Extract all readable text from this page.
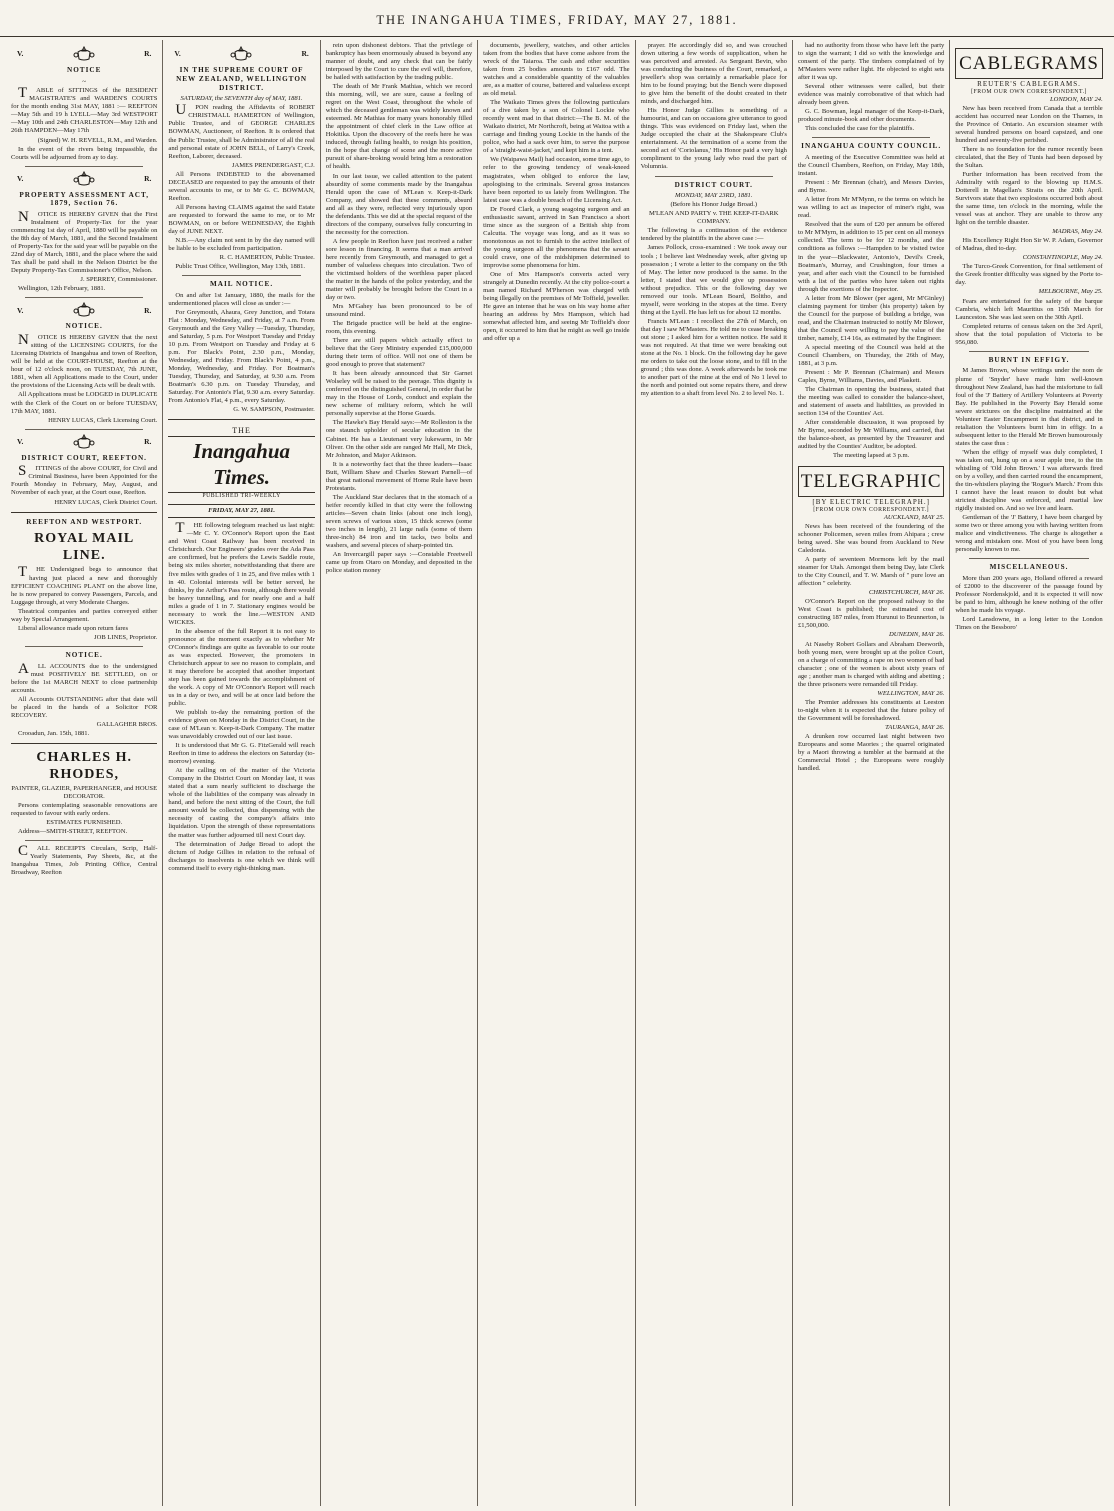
THE INANGAHUA TIMES, FRIDAY, MAY 27, 1881.
V.	R.
NOTICE
~

TABLE of SITTINGS of the RESIDENT MAGISTRATE'S and WARDEN'S COURTS for the month ending 31st MAY, 1881 :— REEFTON—May 5th and 19 h LYELL—May 3rd WESTPORT—May 10th and 24th CHARLESTON—May 12th and 26th HAMPDEN—May 17th

(Signed) W. H. REVELL, R.M., and Warden.

In the event of the rivers being impassible, the Courts will be adjourned from ay to day.

V.	R.
PROPERTY ASSESSMENT ACT, 1879, Section 76.

NOTICE IS HEREBY GIVEN that the First Instalment of Property-Tax for the year commencing 1st day of April, 1880 will be payable on the 8th day of March, 1881, and the Second Instalment of Property-Tax for the said year will be payable on the 22nd day of March, 1881, and the place where the said Tax shall be paid shall in the Nelson District be the Deputy Property-Tax Commissioner's Office, Nelson.

J. SPERREY, Commissioner.

Wellington, 12th February, 1881.

V.	R.
NOTICE.

NOTICE IS HEREBY GIVEN that the next sitting of the LICENSING COURTS, for the Licensing Districts of Inangahua and town of Reefton, will be held at the COURT-HOUSE, Reefton at the hour of 12 o'clock noon, on TUESDAY, 7th JUNE, 1881, when all Applications made to the Court, under the provisions of the Licensing Acts will be dealt with.

All Applications must be LODGED in DUPLICATE with the Clerk of the Court on or before TUESDAY, 17th MAY, 1881.

HENRY LUCAS, Clerk Licensing Court.

V.	R.
DISTRICT COURT, REEFTON.

SITTINGS of the above COURT, for Civil and Criminal Business, have been Appointed for the Fourth Monday in February, May, August, and November of each year, at the Court ouse, Reefton.

HENRY LUCAS, Clerk District Court.

REEFTON AND WESTPORT.
ROYAL MAIL LINE.

THE Undersigned begs to announce that having just placed a new and thoroughly EFFICIENT COACHING PLANT on the above line, he is now prepared to convey Passengers, Parcels, and Luggage through, at very Moderate Charges.

Theatrical companies and parties conveyed either way by Special Arrangement.

Liberal allowance made upon return fares

JOB LINES, Proprietor.

NOTICE.

ALL ACCOUNTS due to the undersigned must POSITIVELY BE SETTLED, on or before the 1st MARCH NEXT to close partnership accounts.

All Accounts OUTSTANDING after that date will be placed in the hands of a Solicitor FOR RECOVERY.

GALLAGHER BROS.

Crooadun, Jan. 15th, 1881.

CHARLES H. RHODES,

PAINTER, GLAZIER, PAPERHANGER, and HOUSE DECORATOR.

Persons contemplating seasonable renovations are requested to favour with early orders.

ESTIMATES FURNISHED.

Address—SMITH-STREET, REEFTON.

CALL RECEIPTS Circulars, Scrip, Half-Yearly Statements, Pay Sheets, &c, at the Inangahua Times, Job Printing Office, Central Broadway, Reefton

V.	R.
IN THE SUPREME COURT OF NEW ZEALAND, WELLINGTON DISTRICT.

SATURDAY, the SEVENTH day of MAY, 1881.

UPON reading the Affidavits of ROBERT CHRISTMALL HAMERTON of Wellington, Public Trustee, and of GEORGE CHARLES BOWMAN, Auctioneer, of Reefton. It is ordered that the Public Trustee, shall be Administrator of all the real and personal estate of JOHN BELL, of Larry's Creek, Reefton, Laborer, deceased.

JAMES PRENDERGAST, C.J.

All Persons INDEBTED to the abovenamed DECEASED are requested to pay the amounts of their several accounts to me, or to Mr G. C. BOWMAN, Reefton.

All Persons having CLAIMS against the said Estate are requested to forward the same to me, or to Mr BOWMAN, on or before WEDNESDAY, the Eighth day of JUNE NEXT.

N.B.—Any claim not sent in by the day named will be liable to be excluded from participation.

R. C. HAMERTON, Public Trustee.

Public Trust Office, Wellington, May 13th, 1881.

MAIL NOTICE.

On and after 1st January, 1880, the mails for the undermentioned places will close as under :—

For Greymouth, Ahaura, Grey Junction, and Totara Flat : Monday, Wednesday, and Friday, at 7 a.m. From Greymouth and the Grey Valley —Tuesday, Thursday, and Saturday, 5 p.m. For Westport Tuesday and Friday 10 p.m. From Westport on Tuesday and Friday at 6 p.m. For Black's Point, 2.30 p.m., Monday, Wednesday, and Friday. From Black's Point, 4 p.m., Monday, Wednesday, and Friday. For Boatman's Tuesday, Thursday, and Saturday, at 9.30 a.m. From Boatman's 6.30 p.m. on Tuesday Thursday, and Saturday. For Antonio's Flat, 9.30 a.m. every Saturday. From Antonio's Flat, 4 p.m., every Saturday.

G. W. SAMPSON, Postmaster.

THE
Inangahua Times.
PUBLISHED TRI-WEEKLY
FRIDAY, MAY 27, 1881.

THE following telegram reached us last night:—Mr C. Y. O'Connor's Report upon the East and West Coast Railway has been received in Christchurch. Our Engineers' grades over the Ada Pass are confirmed, but he prefers the Lewis Saddle route, being six miles shorter, notwithstanding that there are five miles with grades of 1 in 25, and five miles with 1 in 40. Colonial interests will be better served, he thinks, by the Arthur's Pass route, although there would be heavy tunnelling, and for nearly one and a half miles a grade of 1 in 7. Stationary engines would be necessary to work the line.—WESTON AND WICKES.

In the absence of the full Report it is not easy to pronounce at the moment exactly as to whether Mr O'Connor's findings are quite as favorable to our route as was expected. However, the promoters in Christchurch appear to see no reason to complain, and it may therefore be accepted that another important step has been gained towards the accomplishment of the work. A copy of Mr O'Connor's Report will reach us in a day or two, and will be at once laid before the public.

We publish to-day the remaining portion of the evidence given on Monday in the District Court, in the case of M'Lean v. Keep-it-Dark Company. The matter was unavoidably crowded out of our last issue.

It is understood that Mr G. G. FitzGerald will reach Reefton in time to address the electors on Saturday (to-morrow) evening.

At the calling on of the matter of the Victoria Company in the District Court on Monday last, it was stated that a sum nearly sufficient to discharge the whole of the liabilities of the company was already in hand, and before the next sitting of the Court, the full amount would be collected, thus dispensing with the necessity of casting the company's affairs into liquidation. Upon the strength of these representations the matter was further adjourned till next Court day.

The determination of Judge Broad to adopt the dictum of Judge Gillies in relation to the refusal of discharges to insolvents is one which we think will commend itself to every right-thinking man.

rein upon dishonest debtors. That the privilege of bankruptcy has been enormously abused is beyond any manner of doubt, and any check that can be fairly interposed by the Court to cure the evil will, therefore, be hailed with satisfaction by the trading public.

The death of Mr Frank Mathias, which we record this morning, will, we are sure, cause a feeling of regret on the West Coast, throughout the whole of which the deceased gentleman was widely known and esteemed. Mr Mathias for many years honorably filled the appointment of chief clerk in the Law office at Hokitika. Upon the discovery of the reefs here he was induced, through failing health, to resign his position, in the hope that change of scene and the more active pursuit of share-broking would bring him a restoration of health.

In our last issue, we called attention to the patent absurdity of some comments made by the Inangahua Herald upon the case of M'Lean v. Keep-it-Dark Company, and showed that these comments, absurd and all as they were, reflected very injuriously upon the defendants. This we did at the special request of the directors of the company, ourselves fully concurring in the necessity for the correction.

A few people in Reefton have just received a rather sore lesson in financing. It seems that a man arrived here recently from Greymouth, and managed to get a number of valueless cheques into circulation. Two of the victimised holders of the worthless paper placed the matter in the hands of the police yesterday, and the matter will probably be brought before the Court in a day or two.

Mrs M'Gahey has been pronounced to be of unsound mind.

The Brigade practice will be held at the engine-room, this evening.

There are still papers which actually effect to believe that the Grey Ministry expended £15,000,000 during their term of office. Will not one of them be good enough to prove that statement?

It has been already announced that Sir Garnet Wolseley will be raised to the peerage. This dignity is conferred on the distinguished General, in order that he may in the House of Lords, conduct and explain the new scheme of military reform, which he will personally supervise at the Horse Guards.

The Hawke's Bay Herald says:—Mr Rolleston is the one staunch upholder of secular education in the Cabinet. He has a Lieutenant very lukewarm, in Mr Oliver. On the other side are ranged Mr Hall, Mr Dick, Mr Johnston, and Major Atkinson.

It is a noteworthy fact that the three leaders—Isaac Butt, William Shaw and Charles Stewart Parnell—of that great national movement of Home Rule have been Protestants.

The Auckland Star declares that in the stomach of a heifer recently killed in that city were the following articles—Seven chain links (about one inch long), seven screws of various sizes, 15 thick screws (some two inches in length), 21 large nails (some of them three-inch) 84 iron and tin tacks, two bolts and washers, and several pieces of sharp-pointed tin.

An Invercargill paper says :—Constable Freetwell came up from Otaro on Monday, and deposited in the police station money

documents, jewellery, watches, and other articles taken from the bodies that have come ashore from the wreck of the Taiaroa. The cash and other securities taken from 25 bodies amounts to £167 odd. The watches and a considerable quantity of the valuables are, as a matter of course, battered and valueless except as old metal.

The Waikato Times gives the following particulars of a dive taken by a son of Colonel Lockie who recently went mad in that district:—The B. M. of the Waikato district, Mr Northcroft, being at Waitoa with a carriage and finding young Lockie in the hands of the police, who had a sack over him, to serve the purpose of a 'straight-waist-jacket,' and kept him in a tent.

We (Waipawa Mail) had occasion, some time ago, to refer to the growing tendency of weak-kneed magistrates, when obliged to enforce the law, apologising to the criminals. Several gross instances have been reported to us lately from Wellington. The latest case was a double breach of the Licensing Act.

Dr Foord Clark, a young seagoing surgeon and an enthusiastic savant, arrived in San Francisco a short time since as the surgeon of a British ship from Calcutta. The voyage was long, and as it was so monotonous as not to furnish to the active intellect of the young surgeon all the phenomena that the savant could crave, one of the midshipmen determined to improvise some phenomena for him.

One of Mrs Hampson's converts acted very strangely at Dunedin recently. At the city police-court a man named Richard M'Pherson was charged with being illegally on the premises of Mr Toffield, jeweller. He gave an intense that he was on his way home after hearing an address by Mrs Hampson, which had somewhat affected him, and seeing Mr Toffield's door open, it occurred to him that he might as well go inside and offer up a

prayer. He accordingly did so, and was crouched down uttering a few words of supplication, when he was perceived and arrested. As Sergeant Bevin, who was conducting the business of the Court, remarked, a jeweller's shop was certainly a remarkable place for him to be found praying; but the Bench were disposed to give him the benefit of the doubt created in their minds, and discharged him.

His Honor Judge Gillies is something of a humourist, and can on occasions give utterance to good things. This was evidenced on Friday last, when the Judge occupied the chair at the Shakespeare Club's entertainment. At the termination of a scene from the second act of 'Coriolanus,' His Honor paid a very high compliment to the young lady who read the part of Volumnia.

DISTRICT COURT.

MONDAY, MAY 23RD, 1881.

(Before his Honor Judge Broad.)

M'LEAN AND PARTY v. THE KEEP-IT-DARK COMPANY.

The following is a continuation of the evidence tendered by the plaintiffs in the above case :—

James Pollock, cross-examined : We took away our tools ; I believe last Wednesday week, after giving up possession ; I wrote a letter to the company on the 9th of May. The letter now produced is the same. In the letter, I stated that we would give up possession without prejudice. This or the following day we removed our tools. M'Lean Board, Bolitho, and myself, were working in the stopes at the time. Every thing at the Lyell. He has left us for about 12 months.

Francis M'Lean : I recollect the 27th of March, on that day I saw M'Masters. He told me to cease breaking out stone ; I asked him for a written notice. He said it was not required. At that time we were breaking out stone at the No. 1 block. On the following day he gave me orders to take out the loose stone, and to fill in the ground ; this was done. A week afterwards he took me to another part of the mine at the end of No 1 level to the north and pointed out some repairs there, and drew my attention to a shaft from level No. 2 to level No. 1.

had no authority from those who have left the party to sign the warrant; I did so with the knowledge and consent of the party. The timbers complained of by M'Masters were rather light. He objected to eight sets after it was up.

Several other witnesses were called, but their evidence was mainly corroborative of that which had already been given.

G. C. Bowman, legal manager of the Keep-it-Dark, produced minute-book and other documents.

This concluded the case for the plaintiffs.

INANGAHUA COUNTY COUNCIL.

A meeting of the Executive Committee was held at the Council Chambers, Reefton, on Friday, May 18th, instant.

Present : Mr Brennan (chair), and Messrs Davies, and Byrne.

A letter from Mr M'Mynn, re the terms on which he was willing to act as inspector of miner's right, was read.

Resolved that the sum of £20 per annum be offered to Mr M'Myrn, in addition to 15 per cent on all moneys collected. The term to be for 12 months, and the conditions as follows :—Hampden to be visited twice in the year—Blackwater, Antonio's, Devil's Creek, Boatman's, Murray, and Crushington, four times a year, and after each visit the Council to be furnished with a list of the parties who have taken out rights through the exertions of the Inspector.

A letter from Mr Blower (per agent, Mr M'Ginley) claiming payment for timber (his property) taken by the Council for the purpose of building a bridge, was read, and the Chairman instructed to notify Mr Blower, that the Council were willing to pay the value of the timber, namely, £14 16s, as estimated by the Engineer.

A special meeting of the Council was held at the Council Chambers, on Thursday, the 26th of May, 1881, at 3 p.m.

Present : Mr P. Brennan (Chairman) and Messrs Caples, Byrne, Williams, Davies, and Plaskett.

The Chairman in opening the business, stated that the meeting was called to consider the balance-sheet, and statement of assets and liabilities, as provided in section 134 of the Counties' Act.

After considerable discussion, it was proposed by Mr Byrne, seconded by Mr Williams, and carried, that the balance-sheet, as presented by the Treasurer and audited by the Counties' Auditor, be adopted.

The meeting lapsed at 3 p.m.

TELEGRAPHIC
[BY ELECTRIC TELEGRAPH.]
[FROM OUR OWN CORRESPONDENT.]

AUCKLAND, MAY 25.

News has been received of the foundering of the schooner Policemen, seven miles from Ahipara ; crew being saved. She was bound from Auckland to New Caledonia.

A party of seventeen Mormons left by the mail steamer for Utah. Amongst them being Day, late Clerk to the City Council, and T. W. Marsh of " pure love an affection " celebrity.

CHRISTCHURCH, MAY 26.

O'Connor's Report on the proposed railway to the West Coast is published; the estimated cost of constructing 187 miles, from Hurunui to Brunnerton, is £1,500,000.

DUNEDIN, MAY 26.

At Naseby Robert Gollars and Abraham Deeworth, both young men, were brought up at the police Court, on a charge of committing a rape on two women of bad character ; one of the women is about sixty years of age ; another man is charged with aiding and abetting ; the three prisoners were remanded till Friday.

WELLINGTON, MAY 26.

The Premier addresses his constituents at Leeston to-night when it is expected that the future policy of the Government will be foreshadowed.

TAURANGA, MAY 26.

A drunken row occurred last night between two Europeans and some Maories ; the quarrel originated by a Maori throwing a tumbler at the barmaid at the Commercial Hotel ; the Europeans were roughly handled.

CABLEGRAMS
REUTER'S CABLEGRAMS.
[FROM OUR OWN CORRESPONDENT.]

LONDON, MAY 24.

New has been received from Canada that a terrible accident has occurred near London on the Thames, in the Province of Ontario. An excursion steamer with several hundred persons on board capsized, and one hundred and seventy-five perished.

There is no foundation for the rumor recently been circulated, that the Bey of Tunis had been deposed by the Sultan.

Further information has been received from the Admiralty with regard to the blowing up H.M.S. Dotterell in Magellan's Straits on the 20th April. Survivors state that two explosions occurred both about the same time, ten o'clock in the morning, while the vessel was at anchor. They are unable to throw any light on the terrible disaster.

MADRAS, May 24.

His Excellency Right Hon Sir W. P. Adam, Governor of Madras, died to-day.

CONSTANTINOPLE, May 24.

The Turco-Greek Convention, for final settlement of the Greek frontier difficulty was signed by the Porte to-day.

MELBOURNE, May 25.

Fears are entertained for the safety of the barque Cambria, which left Mauritius on 15th March for Launceston. She was last seen on the 30th April.

Completed returns of census taken on the 3rd April, show that the total population of Victoria to be 956,080.

BURNT IN EFFIGY.

M James Brown, whose writings under the nom de plume of 'Snyder' have made him well-known throughout New Zealand, has had the misfortune to fall foul of the 'J' Battery of Artillery Volunteers at Poverty Bay. He published in the Poverty Bay Herald some severe strictures on the discipline maintained at the Volunteer Easter Encampment in that district, and in retaliation the Volunteers burnt him in effigy. In a subsequent letter to the Herald Mr Brown humourously states the case thus :

'When the effigy of myself was duly completed, I was taken out, hung up on a sour apple tree, to the tin whistling of 'Old John Brown.' I was afterwards fired on by a volley, and then carried round the encampment, the tin-whistlers playing the 'Rogue's March.' From this I cannot have the least reason to doubt but what strictest discipline was enforced, and martial law rigidly insisted on. And so we live and learn.

Gentleman of the 'J' Battery, I have been charged by some two or three among you with having written from malice and vindictiveness. The charge is altogether a wrong and mistaken one. Most of you have been long personally known to me.

MISCELLANEOUS.

More than 200 years ago, Holland offered a reward of £2000 to the discoverer of the passage found by Professor Nordenskjold, and it is expected it will now be paid to him, although he knew nothing of the offer when he made his voyage.

Lord Lansdowne, in a long letter to the London Times on the Bessboro'
